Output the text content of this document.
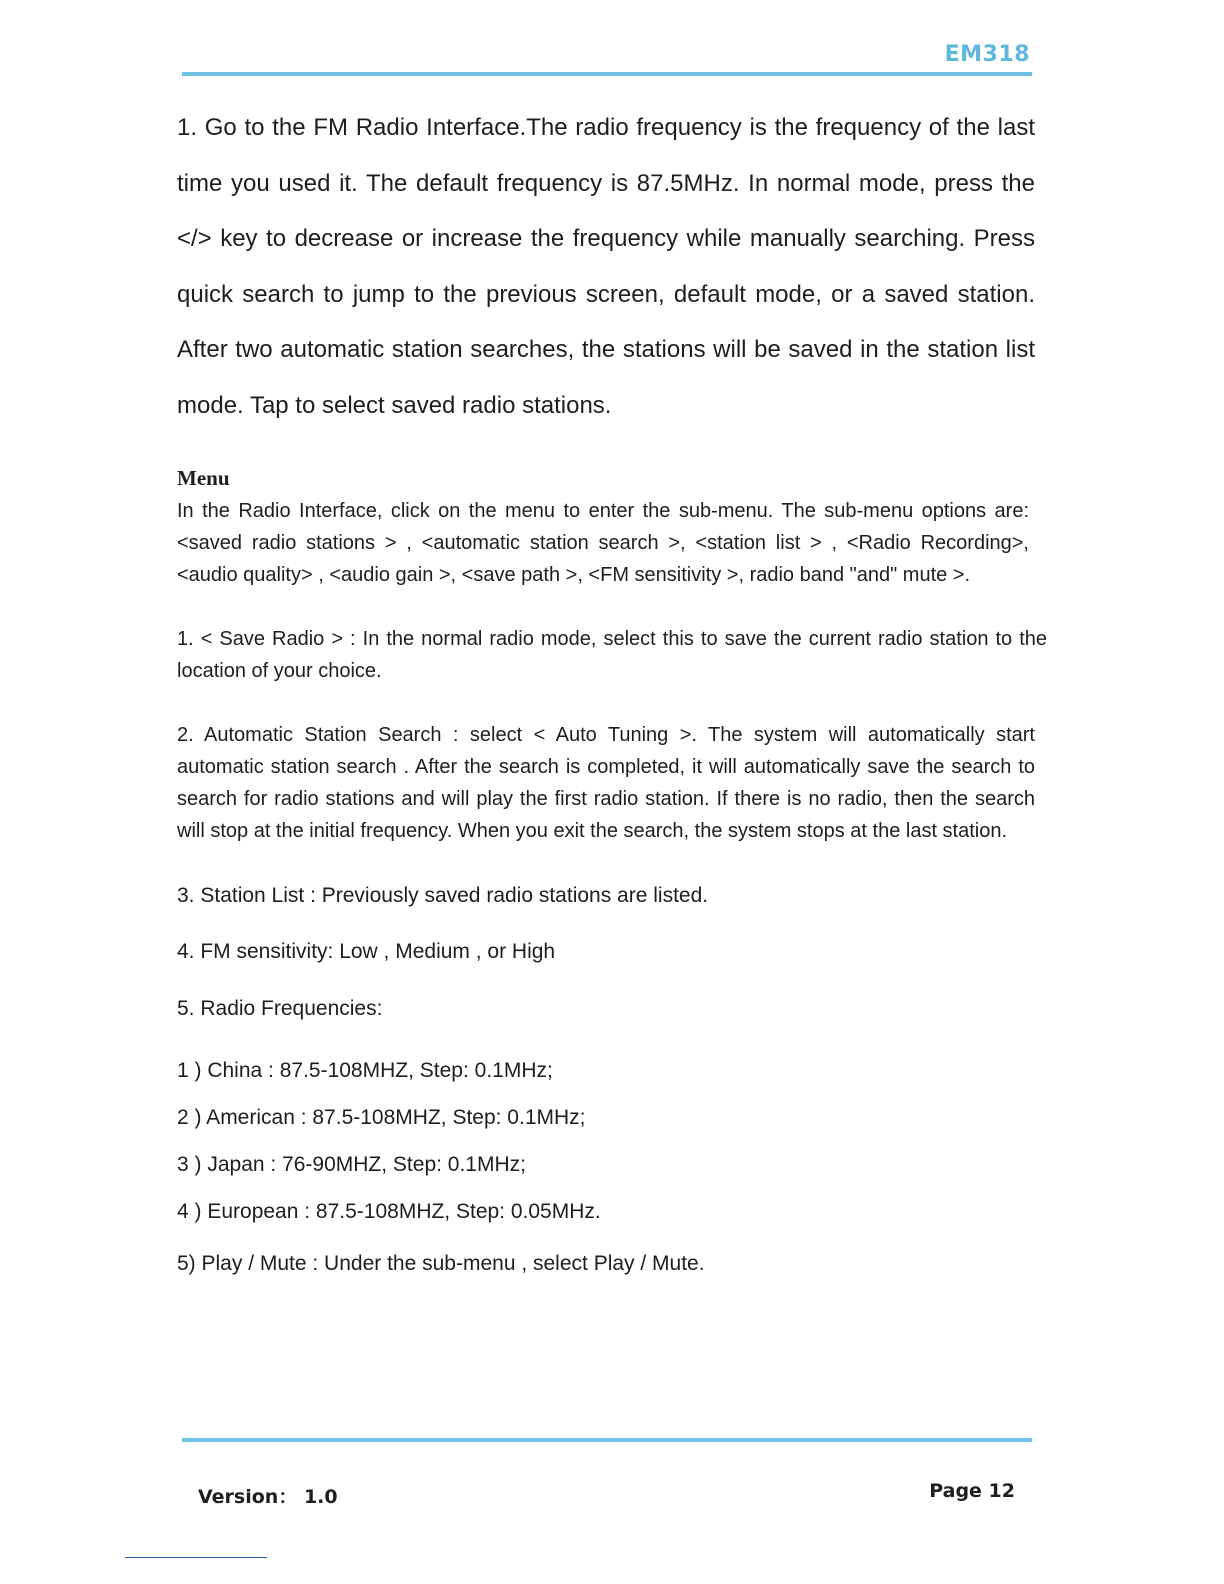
EM318

1. Go to the FM Radio Interface.The radio frequency is the frequency of the last time you used it. The default frequency is 87.5MHz. In normal mode, press the </> key to decrease or increase the frequency while manually searching. Press quick search to jump to the previous screen, default mode, or a saved station. After two automatic station searches, the stations will be saved in the station list mode. Tap to select saved radio stations.

Menu

In the Radio Interface, click on the menu to enter the sub-menu. The sub-menu options are: <saved radio stations > , <automatic station search >, <station list > , <Radio Recording>, <audio quality> , <audio gain >, <save path >, <FM sensitivity >, radio band "and" mute >.

1. < Save Radio > : In the normal radio mode, select this to save the current radio station to the location of your choice.

2. Automatic Station Search : select < Auto Tuning >. The system will automatically start automatic station search . After the search is completed, it will automatically save the search to search for radio stations and will play the first radio station. If there is no radio, then the search will stop at the initial frequency. When you exit the search, the system stops at the last station.

3. Station List : Previously saved radio stations are listed.

4. FM sensitivity: Low , Medium , or High

5. Radio Frequencies:

1 ) China : 87.5-108MHZ, Step: 0.1MHz;

2 ) American : 87.5-108MHZ, Step: 0.1MHz;

3 ) Japan : 76-90MHZ, Step: 0.1MHz;

4 ) European : 87.5-108MHZ, Step: 0.05MHz.

5) Play / Mute : Under the sub-menu , select Play / Mute.

Version： 1.0	Page 12
